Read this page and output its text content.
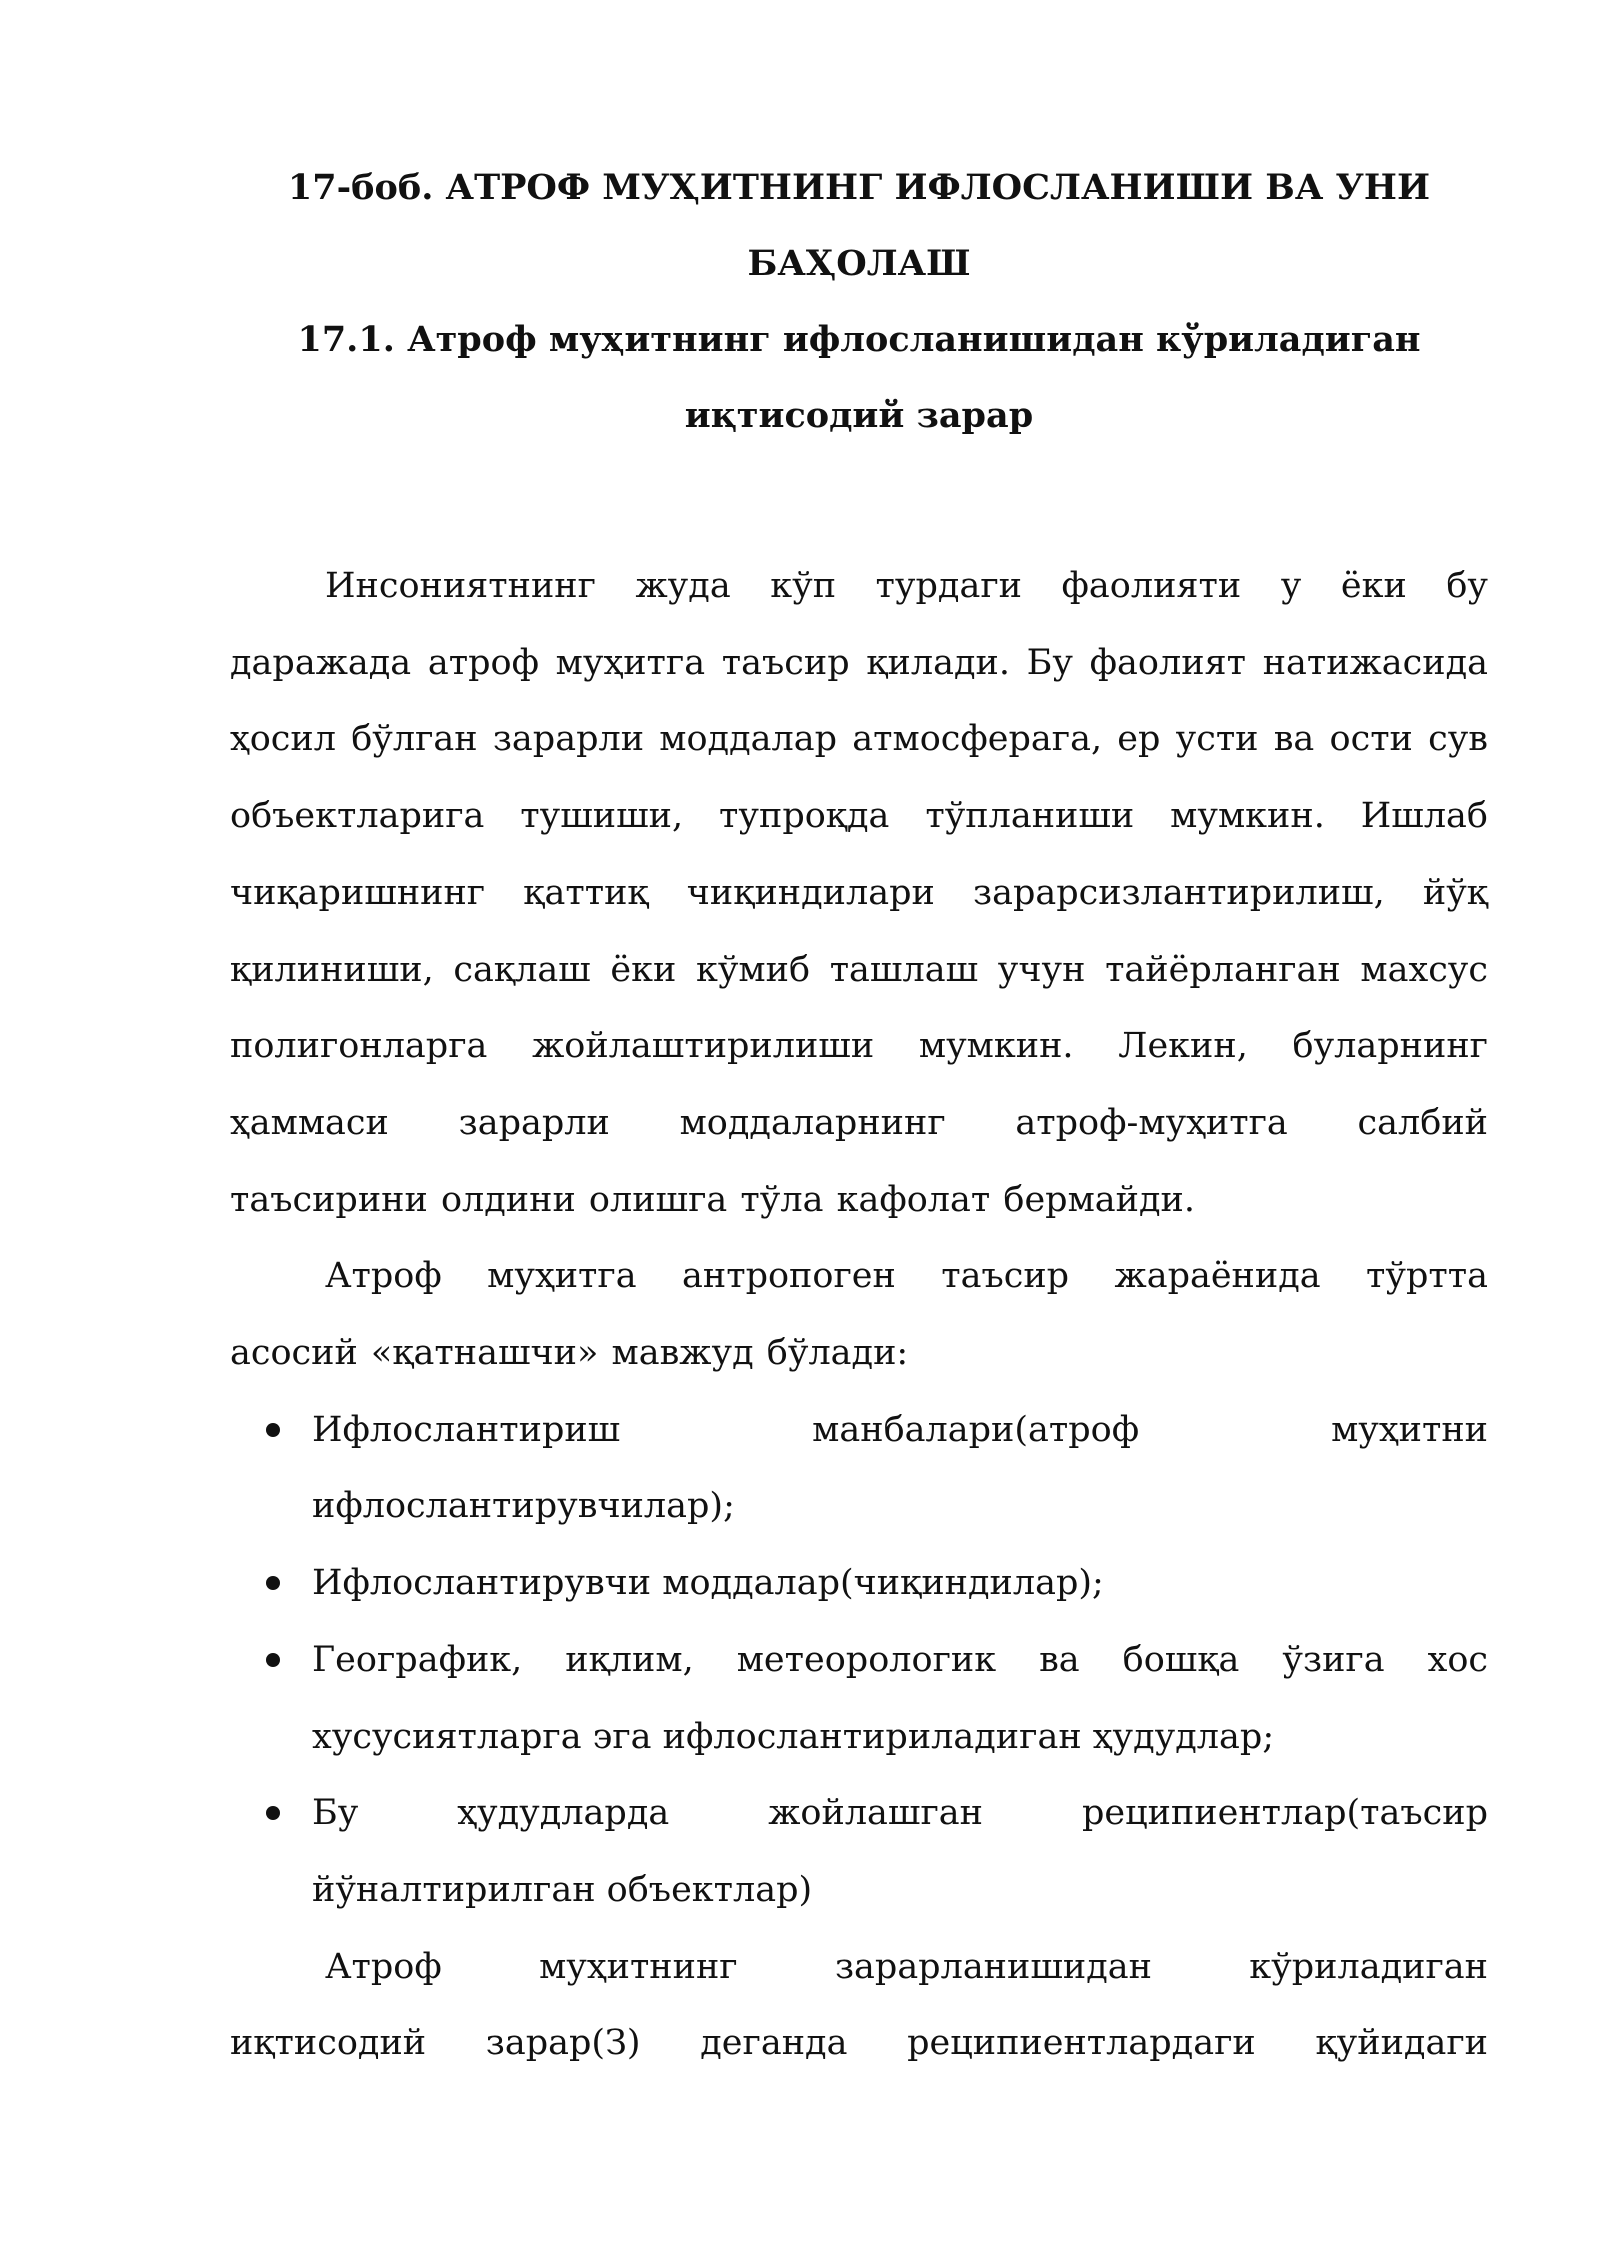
17-боб. АТРОФ МУҲИТНИНГ ИФЛОСЛАНИШИ ВА УНИ
БАҲОЛАШ
17.1. Атроф муҳитнинг ифлосланишидан кўриладиган
иқтисодий зарар

Инсониятнинг жуда кўп турдаги фаолияти у ёки бу
даражада атроф муҳитга таъсир қилади. Бу фаолият натижасида
ҳосил бўлган зарарли моддалар атмосферага, ер усти ва ости сув
объектларига тушиши, тупроқда тўпланиши мумкин. Ишлаб
чиқаришнинг қаттиқ чиқиндилари зарарсизлантирилиш, йўқ
қилиниши, сақлаш ёки кўмиб ташлаш учун тайёрланган махсус
полигонларга жойлаштирилиши мумкин. Лекин, буларнинг
ҳаммаси зарарли моддаларнинг атроф-муҳитга салбий
таъсирини олдини олишга тўла кафолат бермайди.

Атроф муҳитга антропоген таъсир жараёнида тўртта
асосий «қатнашчи» мавжуд бўлади:

Ифлослантириш манбалари(атроф муҳитни
ифлослантирувчилар);
Ифлослантирувчи моддалар(чиқиндилар);
Географик, иқлим, метеорологик ва бошқа ўзига хос
хусусиятларга эга ифлослантириладиган ҳудудлар;
Бу ҳудудларда жойлашган реципиентлар(таъсир
йўналтирилган объектлар)

Атроф муҳитнинг зарарланишидан кўриладиган
иқтисодий зарар(З) деганда реципиентлардаги қуйидаги
